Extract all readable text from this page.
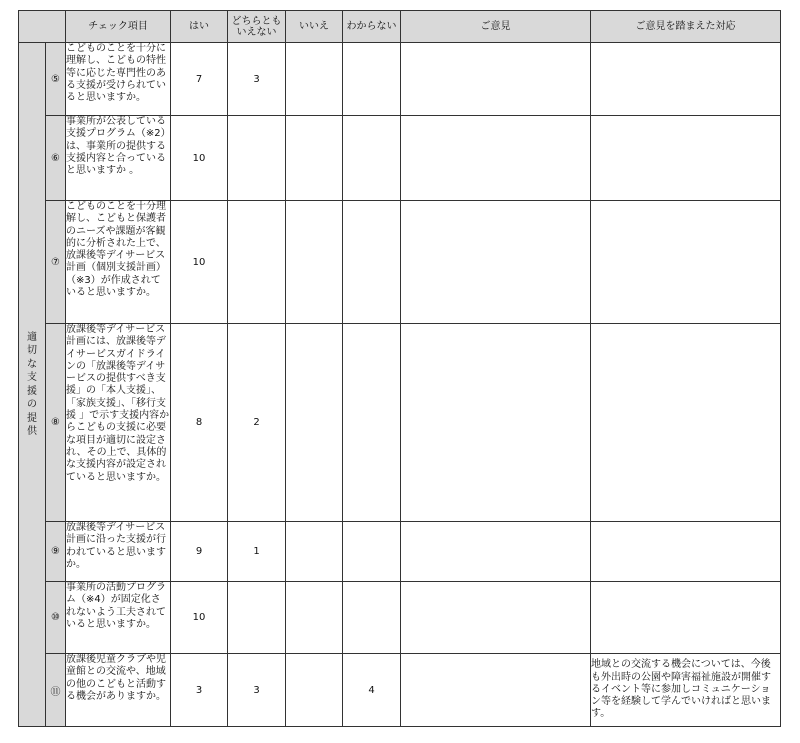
		チェック項目	はい	どちらとも
いえない	いいえ	わからない	ご意見	ご意見を踏まえた対応
適切な支援の提供	⑤	こどものことを十分に理解し、こどもの特性等に応じた専門性のある支援が受けられていると思いますか。	7	3				
	⑥	事業所が公表している支援プログラム（※2）は、事業所の提供する支援内容と合っていると思いますか 。	10					
	⑦	こどものことを十分理解し、こどもと保護者のニーズや課題が客観的に分析された上で、放課後等デイサービス計画（個別支援計画）（※3）が作成されていると思いますか。	10					
	⑧	放課後等デイサービス計画には、放課後等デイサービスガイドラインの「放課後等デイサービスの提供すべき支援」の「本人支援」、「家族支援」、「移行支援 」で示す支援内容からこどもの支援に必要な項目が適切に設定され、その上で、具体的な支援内容が設定されていると思いますか。	8	2				
	⑨	放課後等デイサービス計画に沿った支援が行われていると思いますか。	9	1				
	⑩	事業所の活動プログラム（※4）が固定化されないよう工夫されていると思いますか。	10					
	⑪	放課後児童クラブや児童館との交流や、地域の他のこどもと活動する機会がありますか。	3	3		4		地域との交流する機会については、今後も外出時の公園や障害福祉施設が開催するイベント等に参加しコミュニケーション等を経験して学んでいければと思います。
